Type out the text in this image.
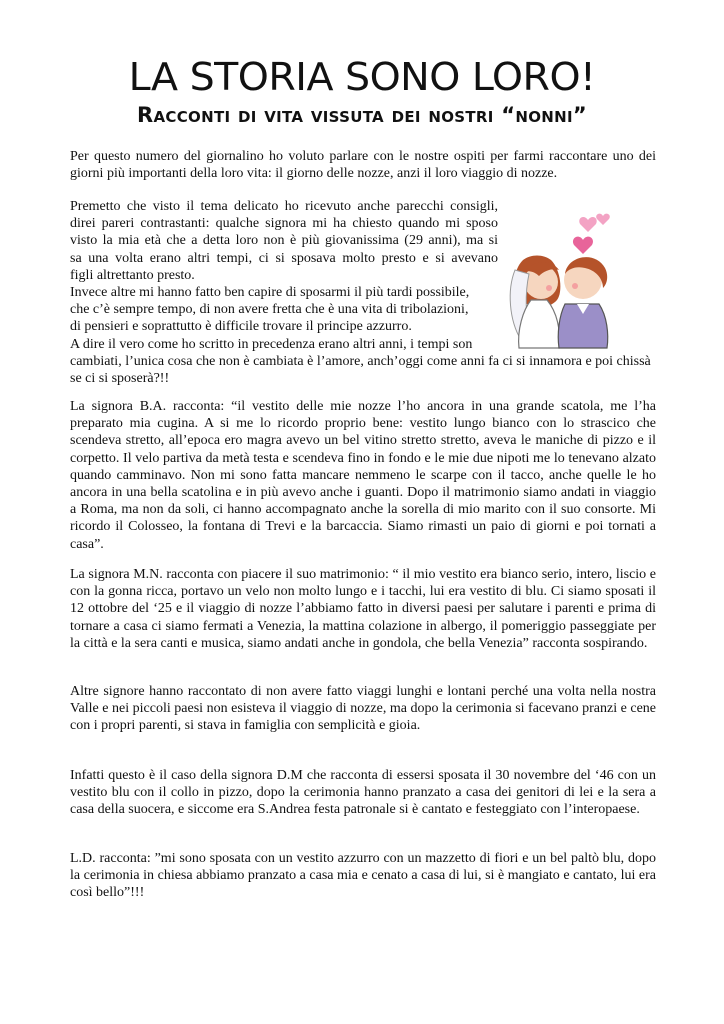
LA STORIA SONO LORO!
Racconti di vita vissuta dei nostri “nonni”

Per questo numero del giornalino ho voluto parlare con le nostre ospiti per farmi raccontare uno dei giorni più importanti della loro vita: il giorno delle nozze, anzi il loro viaggio di nozze.

Premetto che visto il tema delicato ho ricevuto anche parecchi consigli,
direi pareri contrastanti: qualche signora mi ha chiesto quando mi sposo
visto la mia età che a detta loro non è più giovanissima (29 anni), ma si
sa una volta erano altri tempi, ci si sposava molto presto e si avevano
figli altrettanto presto.
Invece altre mi hanno fatto ben capire di sposarmi il più tardi possibile,
che c’è sempre tempo, di non avere fretta che è una vita di tribolazioni,
di pensieri e soprattutto è difficile trovare il principe azzurro.
A dire il vero come ho scritto in precedenza erano altri anni, i tempi son

cambiati, l’unica cosa che non è cambiata è l’amore, anch’oggi come anni fa ci si innamora e poi chissà se ci si sposerà?!!

La signora B.A. racconta: “il vestito delle mie nozze l’ho ancora in una grande scatola, me l’ha preparato mia cugina. A si me lo ricordo proprio bene: vestito lungo bianco con lo strascico che scendeva stretto, all’epoca ero magra avevo un bel vitino stretto stretto, aveva le maniche di pizzo e il corpetto. Il velo partiva da metà testa e scendeva fino in fondo e le mie due nipoti me lo tenevano alzato quando camminavo. Non mi sono fatta mancare nemmeno le scarpe con il tacco, anche quelle le ho ancora in una bella scatolina e in più avevo anche i guanti. Dopo il matrimonio siamo andati in viaggio a Roma, ma non da soli, ci hanno accompagnato anche la sorella di mio marito con il suo consorte. Mi ricordo il Colosseo, la fontana di Trevi e la barcaccia. Siamo rimasti un paio di giorni e poi tornati a casa”.

La signora M.N. racconta con piacere il suo matrimonio: “ il mio vestito era bianco serio, intero, liscio e con la gonna ricca, portavo un velo non molto lungo e i tacchi, lui era vestito di blu. Ci siamo sposati il 12 ottobre del ‘25 e il viaggio di nozze l’abbiamo fatto in diversi paesi per salutare i parenti e prima di tornare a casa ci siamo fermati a Venezia, la mattina colazione in albergo, il pomeriggio passeggiate per la città e la sera canti e musica, siamo andati anche in gondola, che bella Venezia” racconta sospirando.

Altre signore hanno raccontato di non avere fatto viaggi lunghi e lontani perché una volta nella nostra Valle e nei piccoli paesi non esisteva il viaggio di nozze, ma dopo la cerimonia si facevano pranzi e cene con i propri parenti, si stava in famiglia con semplicità e gioia.

Infatti questo è il caso della signora D.M che racconta di essersi sposata il 30 novembre del ‘46 con un vestito blu con il collo in pizzo, dopo la cerimonia hanno pranzato a casa dei genitori di lei e la sera a casa della suocera, e siccome era S.Andrea festa patronale si è cantato e festeggiato con l’interopaese.

L.D. racconta: ”mi sono sposata con un vestito azzurro con un mazzetto di fiori e un bel paltò blu, dopo la cerimonia in chiesa abbiamo pranzato a casa mia e cenato a casa di lui, si è mangiato e cantato, lui era così bello”!!!
